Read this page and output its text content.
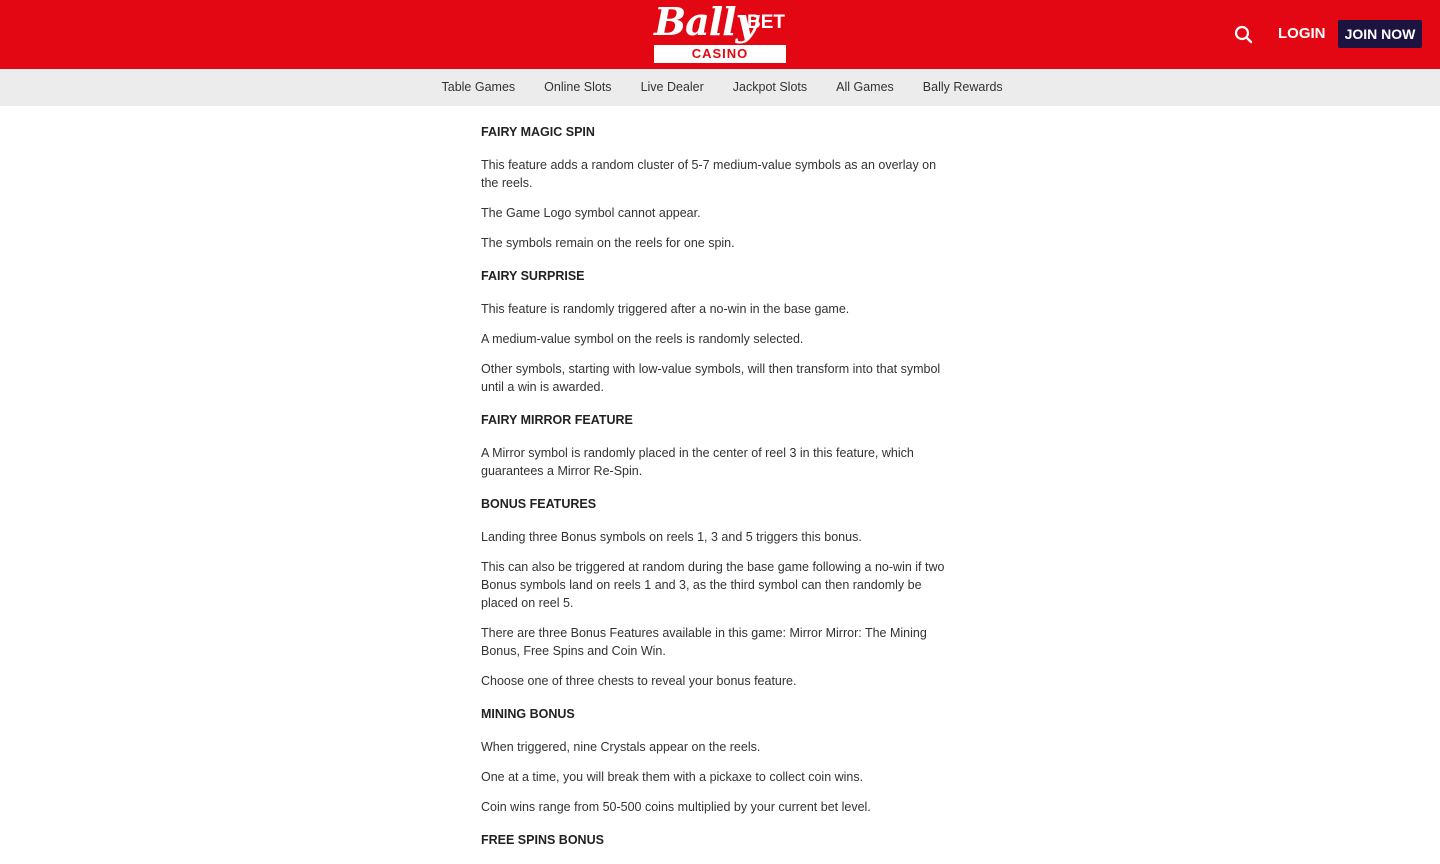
Bally
BET
CASINO
LOGIN	JOIN NOW
Table Games	Online Slots	Live Dealer	Jackpot Slots	All Games	Bally Rewards
FAIRY MAGIC SPIN

This feature adds a random cluster of 5-7 medium-value symbols as an overlay on the reels.

The Game Logo symbol cannot appear.

The symbols remain on the reels for one spin.

FAIRY SURPRISE

This feature is randomly triggered after a no-win in the base game.

A medium-value symbol on the reels is randomly selected.

Other symbols, starting with low-value symbols, will then transform into that symbol until a win is awarded.

FAIRY MIRROR FEATURE

A Mirror symbol is randomly placed in the center of reel 3 in this feature, which guarantees a Mirror Re-Spin.

BONUS FEATURES

Landing three Bonus symbols on reels 1, 3 and 5 triggers this bonus.

This can also be triggered at random during the base game following a no-win if two Bonus symbols land on reels 1 and 3, as the third symbol can then randomly be placed on reel 5.

There are three Bonus Features available in this game: Mirror Mirror: The Mining Bonus, Free Spins and Coin Win.

Choose one of three chests to reveal your bonus feature.

MINING BONUS

When triggered, nine Crystals appear on the reels.

One at a time, you will break them with a pickaxe to collect coin wins.

Coin wins range from 50-500 coins multiplied by your current bet level.

FREE SPINS BONUS
